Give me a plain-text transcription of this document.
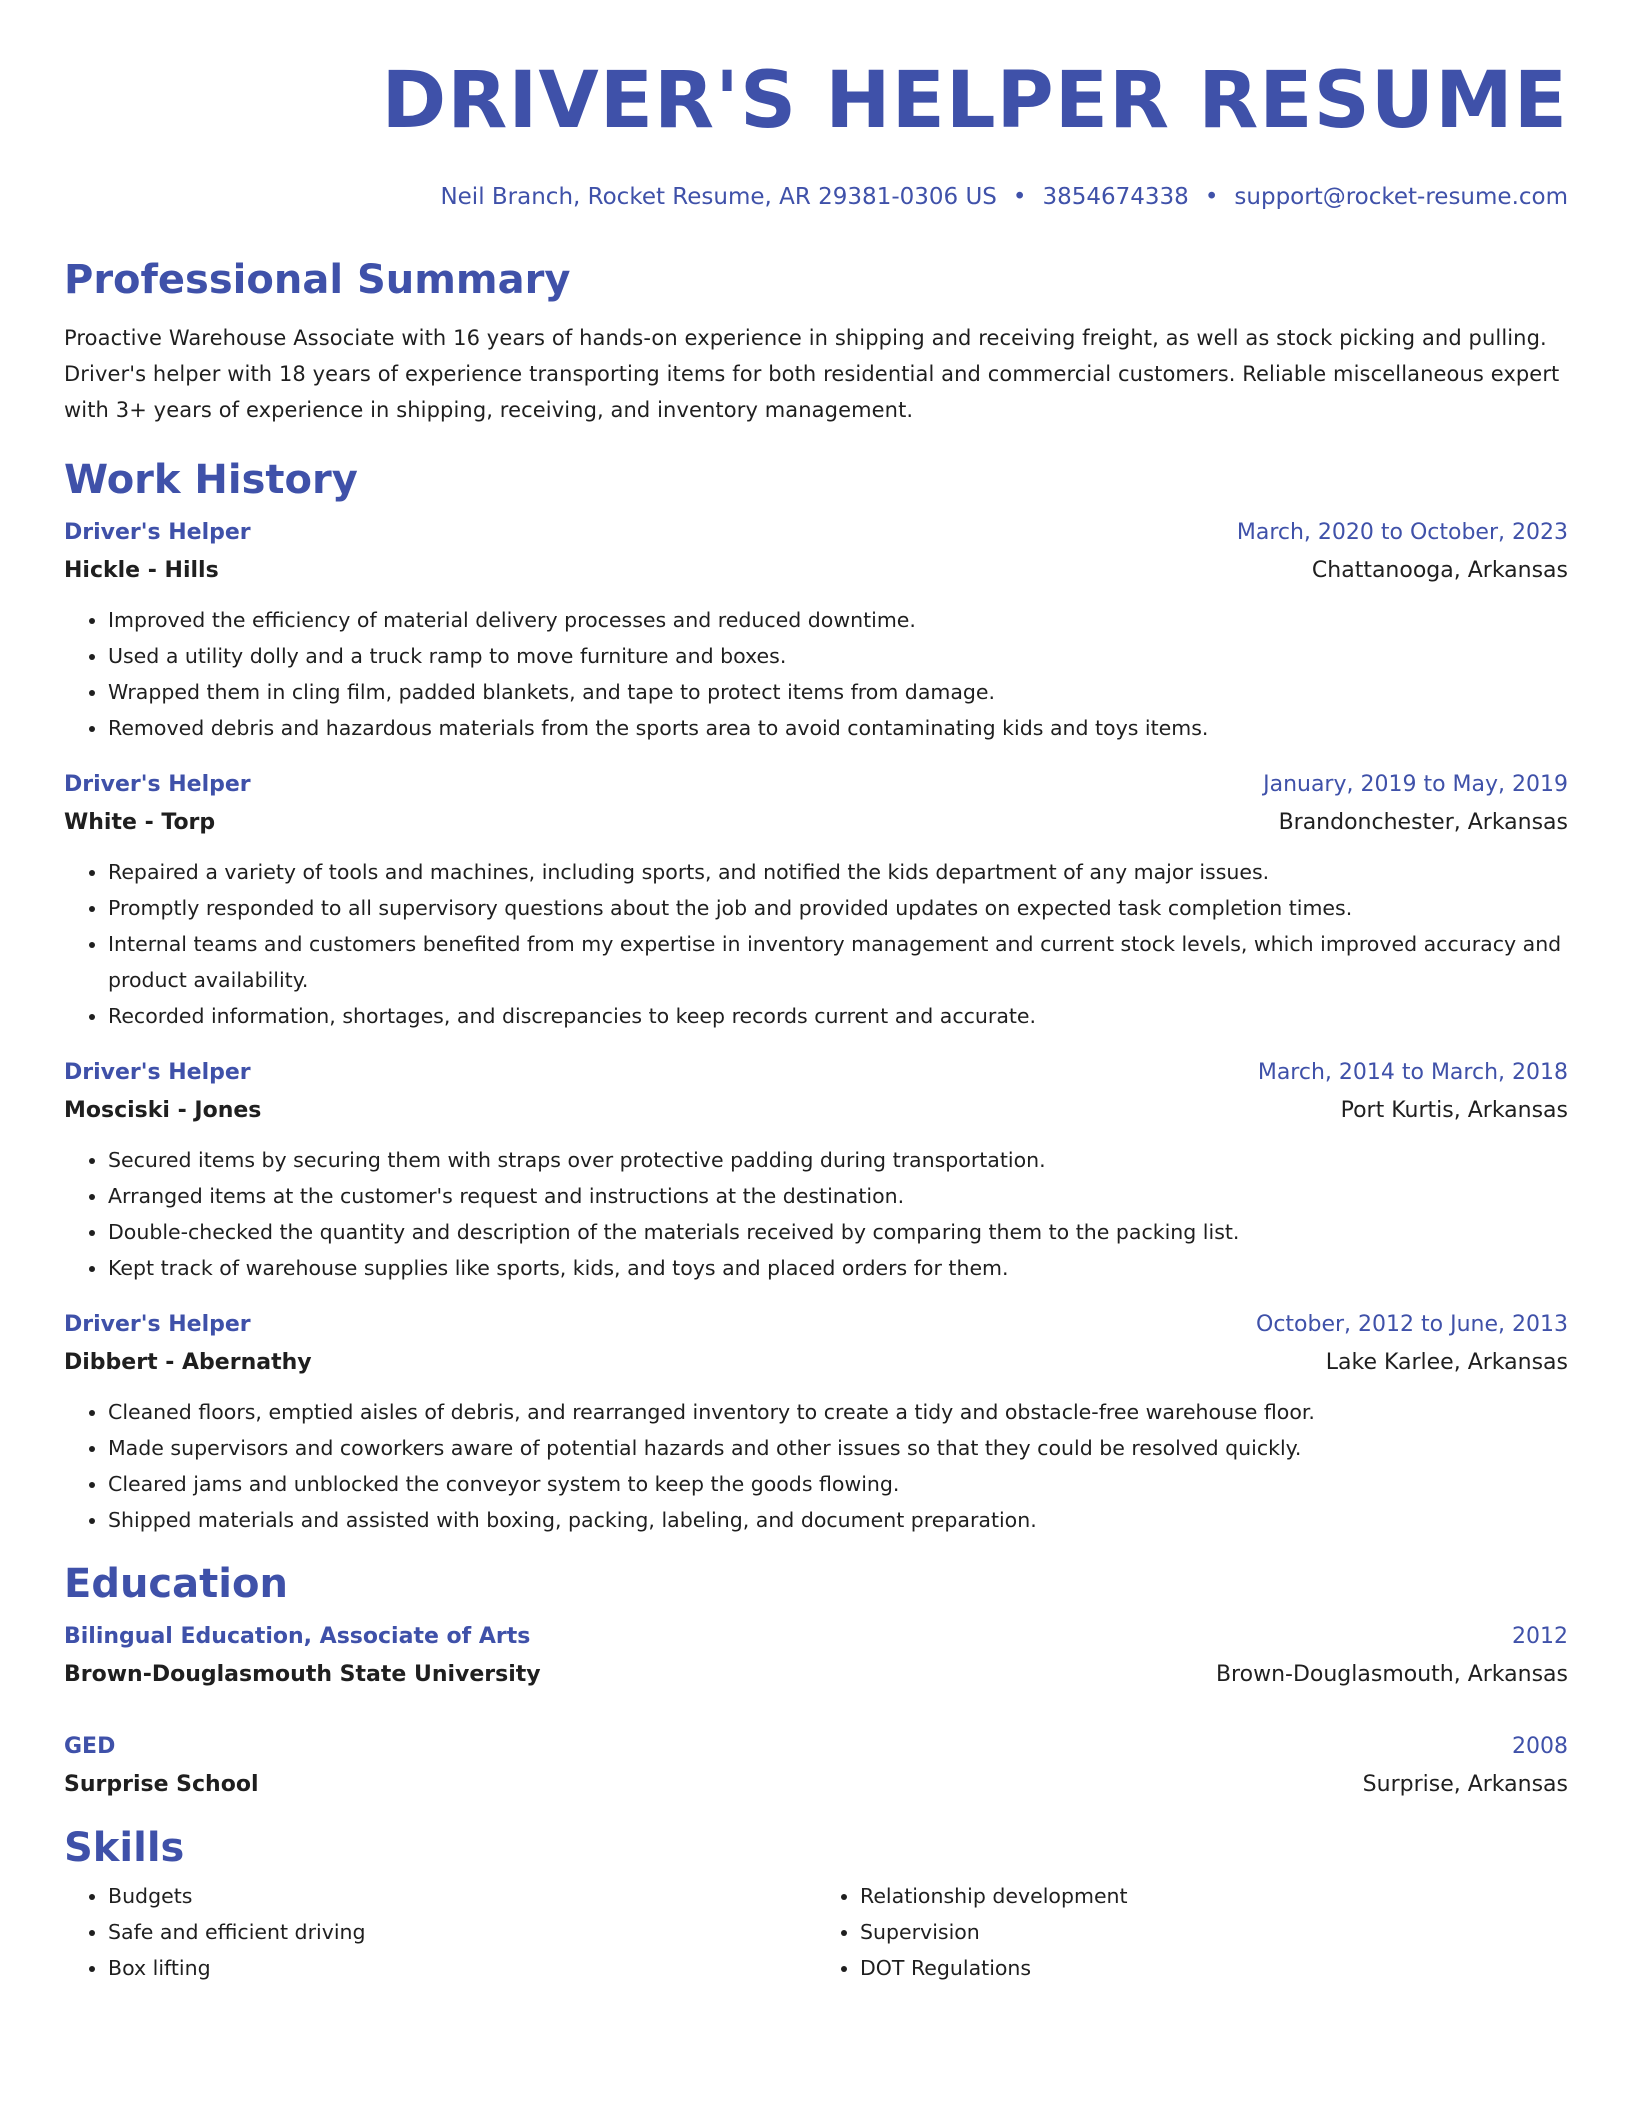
DRIVER'S HELPER RESUME
Neil Branch, Rocket Resume, AR 29381-0306 US • 3854674338 • support@rocket-resume.com
Professional Summary
Proactive Warehouse Associate with 16 years of hands-on experience in shipping and receiving freight, as well as stock picking and pulling. Driver's helper with 18 years of experience transporting items for both residential and commercial customers. Reliable miscellaneous expert with 3+ years of experience in shipping, receiving, and inventory management.
Work History
Driver's Helper	March, 2020 to October, 2023
Hickle - Hills	Chattanooga, Arkansas
• Improved the efficiency of material delivery processes and reduced downtime.
• Used a utility dolly and a truck ramp to move furniture and boxes.
• Wrapped them in cling film, padded blankets, and tape to protect items from damage.
• Removed debris and hazardous materials from the sports area to avoid contaminating kids and toys items.
Driver's Helper	January, 2019 to May, 2019
White - Torp	Brandonchester, Arkansas
• Repaired a variety of tools and machines, including sports, and notified the kids department of any major issues.
• Promptly responded to all supervisory questions about the job and provided updates on expected task completion times.
• Internal teams and customers benefited from my expertise in inventory management and current stock levels, which improved accuracy and product availability.
• Recorded information, shortages, and discrepancies to keep records current and accurate.
Driver's Helper	March, 2014 to March, 2018
Mosciski - Jones	Port Kurtis, Arkansas
• Secured items by securing them with straps over protective padding during transportation.
• Arranged items at the customer's request and instructions at the destination.
• Double-checked the quantity and description of the materials received by comparing them to the packing list.
• Kept track of warehouse supplies like sports, kids, and toys and placed orders for them.
Driver's Helper	October, 2012 to June, 2013
Dibbert - Abernathy	Lake Karlee, Arkansas
• Cleaned floors, emptied aisles of debris, and rearranged inventory to create a tidy and obstacle-free warehouse floor.
• Made supervisors and coworkers aware of potential hazards and other issues so that they could be resolved quickly.
• Cleared jams and unblocked the conveyor system to keep the goods flowing.
• Shipped materials and assisted with boxing, packing, labeling, and document preparation.
Education
Bilingual Education, Associate of Arts	2012
Brown-Douglasmouth State University	Brown-Douglasmouth, Arkansas
GED	2008
Surprise School	Surprise, Arkansas
Skills
• Budgets
• Safe and efficient driving
• Box lifting
• Relationship development
• Supervision
• DOT Regulations
